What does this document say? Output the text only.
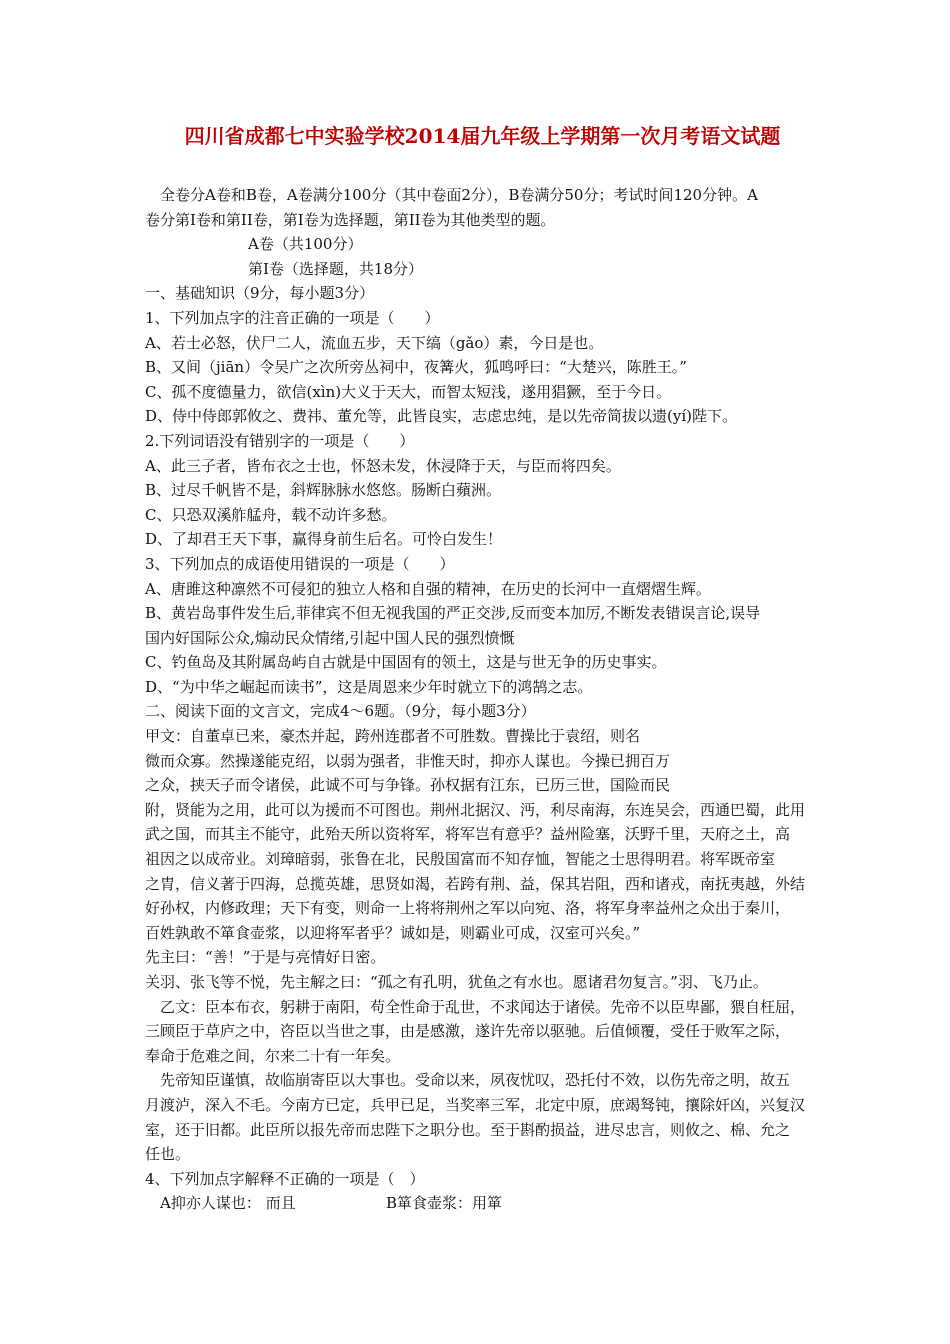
四川省成都七中实验学校2014届九年级上学期第一次月考语文试题

全卷分A卷和B卷，A卷满分100分（其中卷面2分），B卷满分50分；考试时间120分钟。A

卷分第I卷和第II卷，第I卷为选择题，第II卷为其他类型的题。

A卷（共100分）

第I卷（选择题，共18分）

一、基础知识（9分，每小题3分）

1、下列加点字的注音正确的一项是（　　）

A、若士必怒，伏尸二人，流血五步，天下缟（gǎo）素，今日是也。

B、又间（jiān）令吴广之次所旁丛祠中，夜篝火，狐鸣呼曰：“大楚兴，陈胜王。”

C、孤不度德量力，欲信(xìn)大义于天大，而智太短浅，遂用猖獗，至于今日。

D、侍中侍郎郭攸之、费祎、董允等，此皆良实，志虑忠纯，是以先帝简拔以遗(yí)陛下。

2.下列词语没有错别字的一项是（　　）

A、此三子者，皆布衣之士也，怀怒未发，休浸降于天，与臣而将四矣。

B、过尽千帆皆不是，斜辉脉脉水悠悠。肠断白蘋洲。

C、只恐双溪舴艋舟，载不动许多愁。

D、了却君王天下事，赢得身前生后名。可怜白发生！

3、下列加点的成语使用错误的一项是（　　）

A、唐雎这种凛然不可侵犯的独立人格和自强的精神，在历史的长河中一直熠熠生辉。

B、黄岩岛事件发生后,菲律宾不但无视我国的严正交涉,反而变本加厉,不断发表错误言论,误导

国内好国际公众,煽动民众情绪,引起中国人民的强烈愤慨

C、钓鱼岛及其附属岛屿自古就是中国固有的领土，这是与世无争的历史事实。

D、“为中华之崛起而读书”，这是周恩来少年时就立下的鸿鹄之志。

二、阅读下面的文言文，完成4～6题。（9分，每小题3分）

甲文：自董卓已来，豪杰并起，跨州连郡者不可胜数。曹操比于袁绍，则名

微而众寡。然操遂能克绍，以弱为强者，非惟天时，抑亦人谋也。今操已拥百万

之众，挟天子而令诸侯，此诚不可与争锋。孙权据有江东，已历三世，国险而民

附，贤能为之用，此可以为援而不可图也。荆州北据汉、沔，利尽南海，东连吴会，西通巴蜀，此用

武之国，而其主不能守，此殆天所以资将军，将军岂有意乎？益州险塞，沃野千里，天府之土，高

祖因之以成帝业。刘璋暗弱，张鲁在北，民殷国富而不知存恤，智能之士思得明君。将军既帝室

之胄，信义著于四海，总揽英雄，思贤如渴，若跨有荆、益，保其岩阻，西和诸戎，南抚夷越，外结

好孙权，内修政理；天下有变，则命一上将将荆州之军以向宛、洛，将军身率益州之众出于秦川，

百姓孰敢不箪食壶浆，以迎将军者乎？诚如是，则霸业可成，汉室可兴矣。”

先主曰：“善！”于是与亮情好日密。

关羽、张飞等不悦，先主解之曰：“孤之有孔明，犹鱼之有水也。愿诸君勿复言。”羽、飞乃止。

乙文：臣本布衣，躬耕于南阳，苟全性命于乱世，不求闻达于诸侯。先帝不以臣卑鄙，猥自枉屈，

三顾臣于草庐之中，咨臣以当世之事，由是感激，遂许先帝以驱驰。后值倾覆，受任于败军之际，

奉命于危难之间，尔来二十有一年矣。

先帝知臣谨慎，故临崩寄臣以大事也。受命以来，夙夜忧叹，恐托付不效，以伤先帝之明，故五

月渡泸，深入不毛。今南方已定，兵甲已足，当奖率三军，北定中原，庶竭驽钝，攘除奸凶，兴复汉

室，还于旧都。此臣所以报先帝而忠陛下之职分也。至于斟酌损益，进尽忠言，则攸之、棉、允之

任也。

4、下列加点字解释不正确的一项是（　）

A抑亦人谋也： 而且	B箪食壶浆：用箪
